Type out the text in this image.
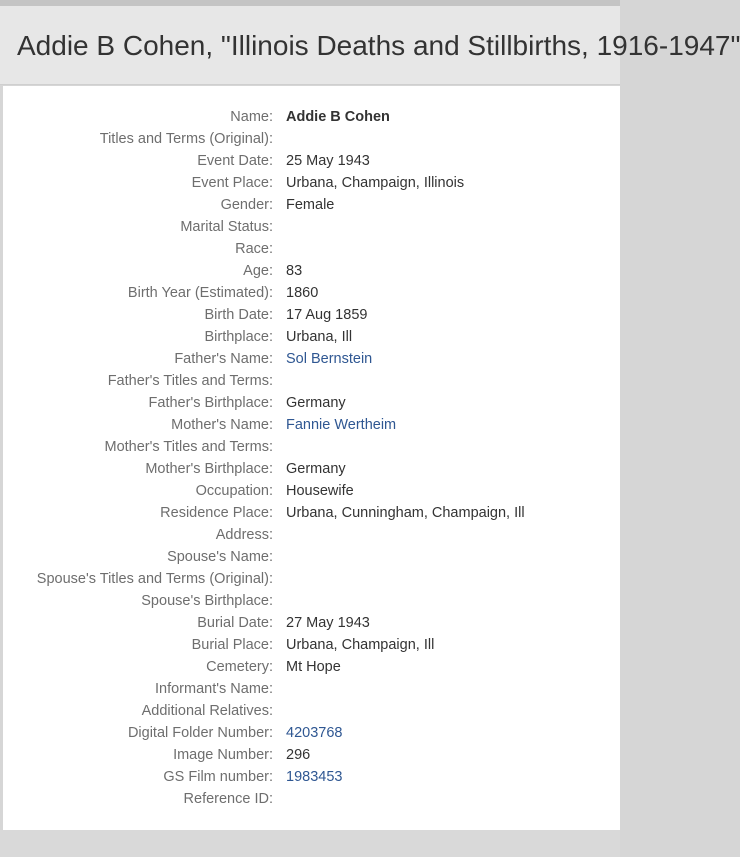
Addie B Cohen, "Illinois Deaths and Stillbirths, 1916-1947"
Name: Addie B Cohen
Titles and Terms (Original):
Event Date: 25 May 1943
Event Place: Urbana, Champaign, Illinois
Gender: Female
Marital Status:
Race:
Age: 83
Birth Year (Estimated): 1860
Birth Date: 17 Aug 1859
Birthplace: Urbana, Ill
Father's Name: Sol Bernstein
Father's Titles and Terms:
Father's Birthplace: Germany
Mother's Name: Fannie Wertheim
Mother's Titles and Terms:
Mother's Birthplace: Germany
Occupation: Housewife
Residence Place: Urbana, Cunningham, Champaign, Ill
Address:
Spouse's Name:
Spouse's Titles and Terms (Original):
Spouse's Birthplace:
Burial Date: 27 May 1943
Burial Place: Urbana, Champaign, Ill
Cemetery: Mt Hope
Informant's Name:
Additional Relatives:
Digital Folder Number: 4203768
Image Number: 296
GS Film number: 1983453
Reference ID:
